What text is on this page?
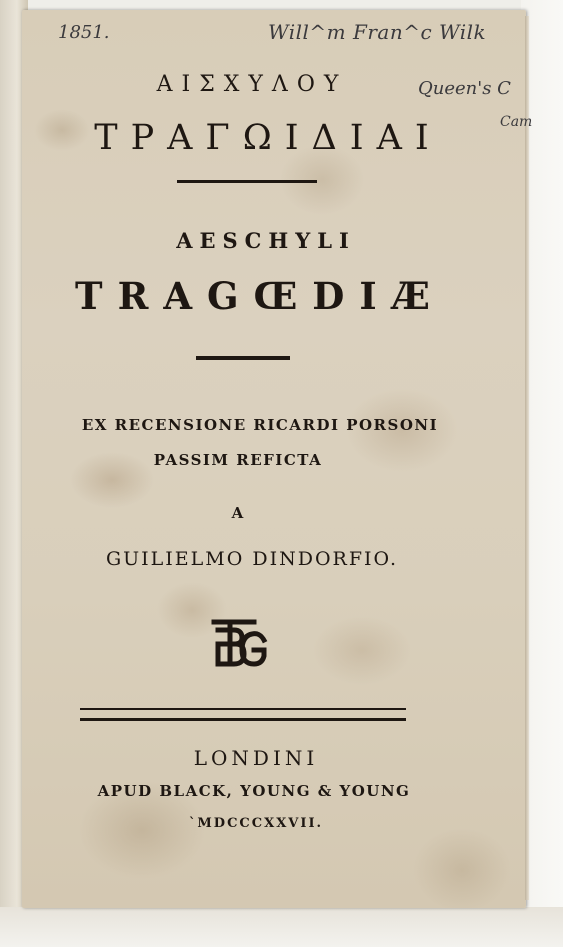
1851.	Will^m Fran^c Wilk
Queen's C
Cam
ΑΙΣΧΥΛΟΥ
ΤΡΑΓΩΙΔΙΑΙ
AESCHYLI
TRAGŒDIÆ
EX RECENSIONE RICARDI PORSONI
PASSIM REFICTA
A
GUILIELMO DINDORFIO.
LONDINI
APUD BLACK, YOUNG & YOUNG
ˋMDCCCXXVII.
